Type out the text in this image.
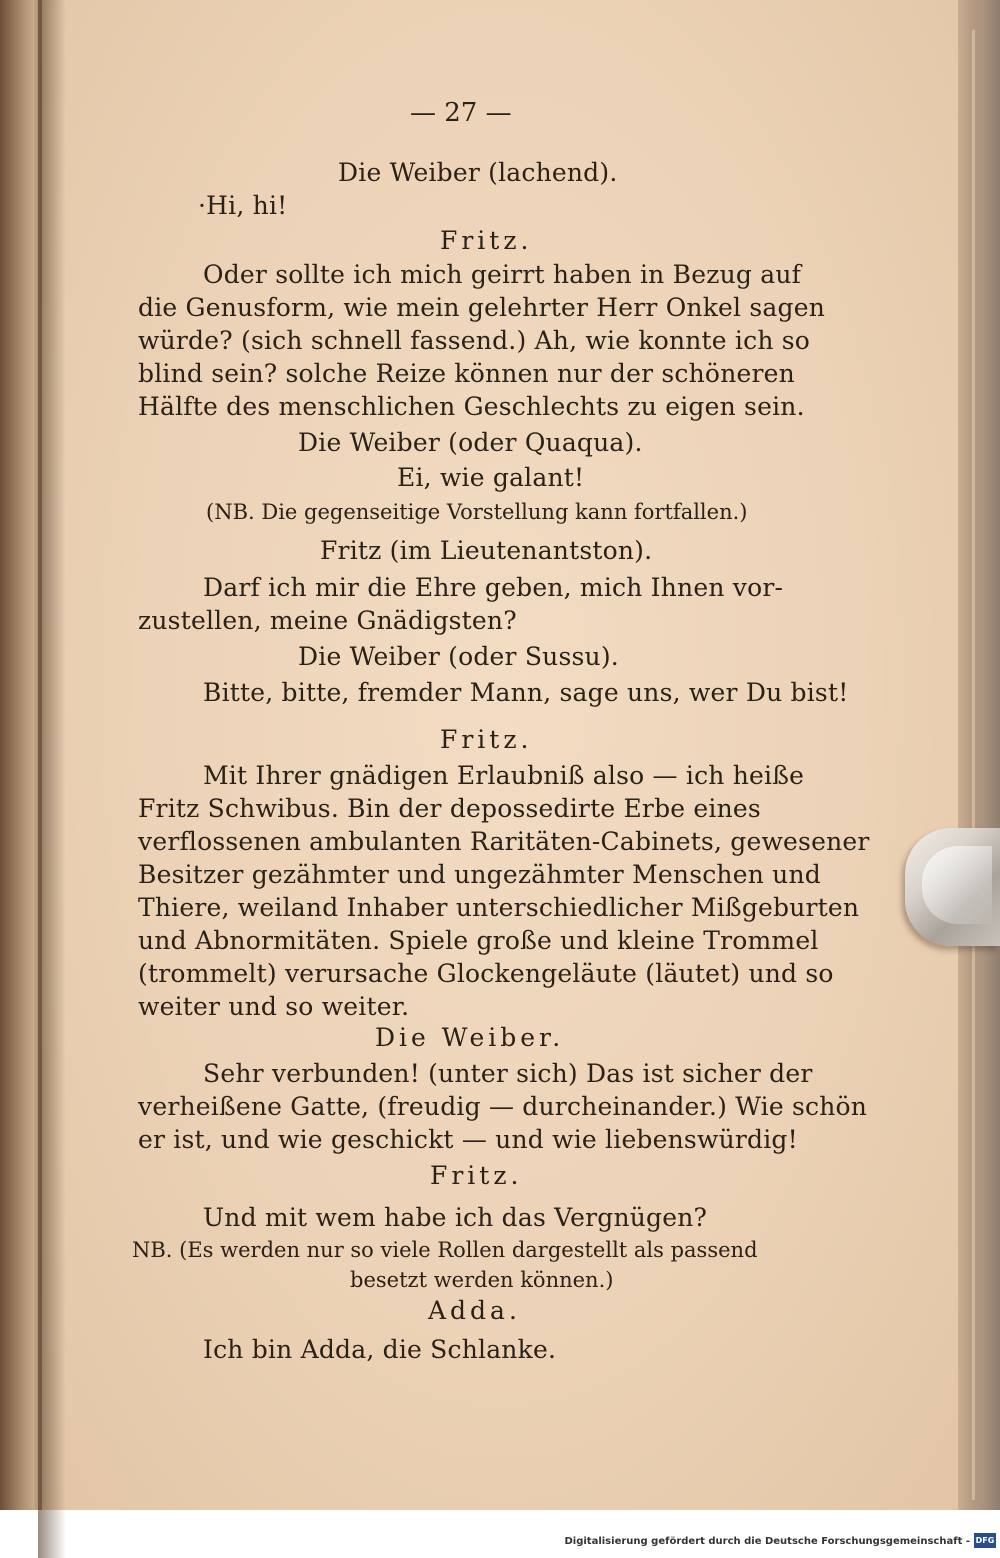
— 27 —
Die Weiber (lachend).
·Hi, hi!
Fritz.
Oder sollte ich mich geirrt haben in Bezug auf
die Genusform, wie mein gelehrter Herr Onkel sagen
würde? (sich schnell fassend.) Ah, wie konnte ich so
blind sein? solche Reize können nur der schöneren
Hälfte des menschlichen Geschlechts zu eigen sein.
Die Weiber (oder Quaqua).
Ei, wie galant!
(NB. Die gegenseitige Vorstellung kann fortfallen.)
Fritz (im Lieutenantston).
Darf ich mir die Ehre geben, mich Ihnen vor-
zustellen, meine Gnädigsten?
Die Weiber (oder Sussu).
Bitte, bitte, fremder Mann, sage uns, wer Du bist!
Fritz.
Mit Ihrer gnädigen Erlaubniß also — ich heiße
Fritz Schwibus. Bin der depossedirte Erbe eines
verflossenen ambulanten Raritäten-Cabinets, gewesener
Besitzer gezähmter und ungezähmter Menschen und
Thiere, weiland Inhaber unterschiedlicher Mißgeburten
und Abnormitäten. Spiele große und kleine Trommel
(trommelt) verursache Glockengeläute (läutet) und so
weiter und so weiter.
Die Weiber.
Sehr verbunden! (unter sich) Das ist sicher der
verheißene Gatte, (freudig — durcheinander.) Wie schön
er ist, und wie geschickt — und wie liebenswürdig!
Fritz.
Und mit wem habe ich das Vergnügen?
NB. (Es werden nur so viele Rollen dargestellt als passend
besetzt werden können.)
Adda.
Ich bin Adda, die Schlanke.
Digitalisierung gefördert durch die Deutsche Forschungsgemeinschaft - DFG
